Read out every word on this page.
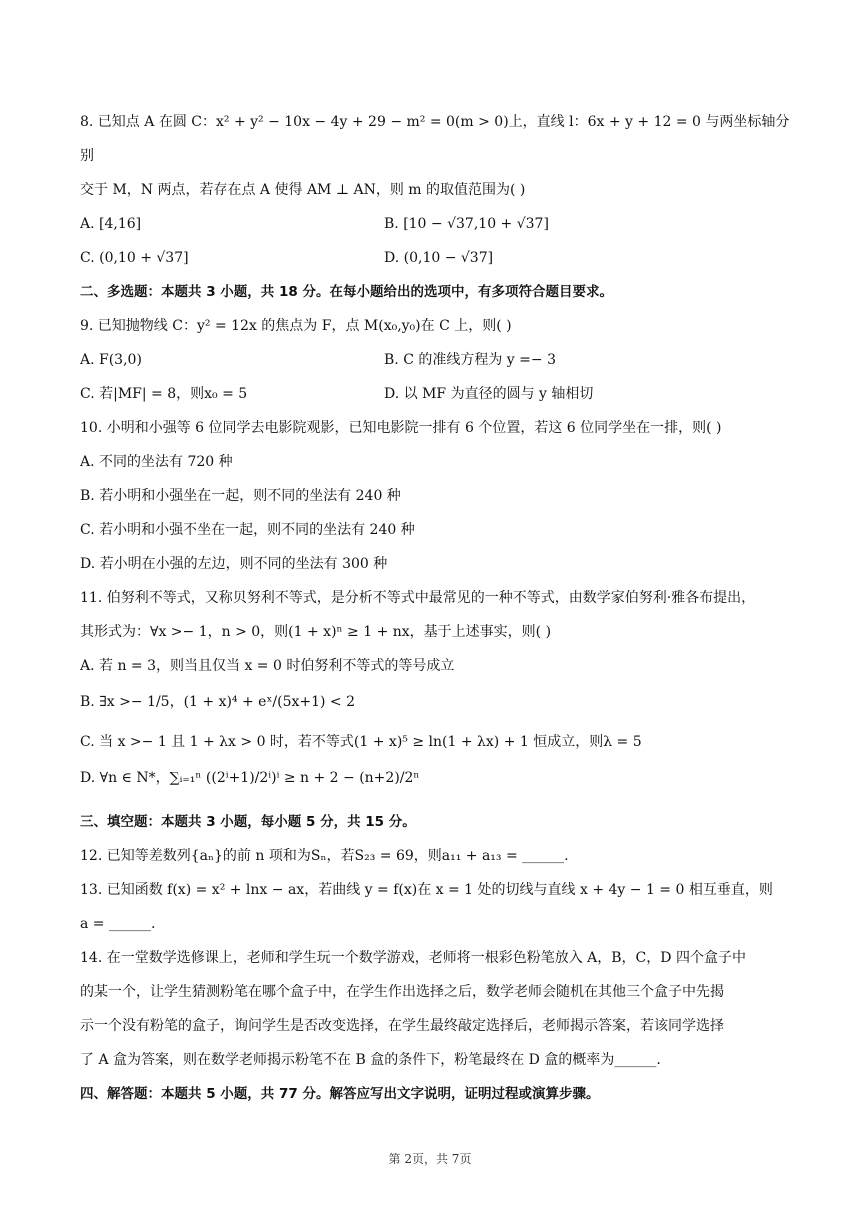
8. 已知点 A 在圆 C：x² + y² − 10x − 4y + 29 − m² = 0(m > 0)上，直线 l：6x + y + 12 = 0 与两坐标轴分
别
交于 M，N 两点，若存在点 A 使得 AM ⊥ AN，则 m 的取值范围为( )
A. [4,16]	B. [10 − √37,10 + √37]
C. (0,10 + √37]	D. (0,10 − √37]
二、多选题：本题共 3 小题，共 18 分。在每小题给出的选项中，有多项符合题目要求。
9. 已知抛物线 C：y² = 12x 的焦点为 F，点 M(x₀,y₀)在 C 上，则( )
A. F(3,0)	B. C 的准线方程为 y =− 3
C. 若|MF| = 8，则x₀ = 5	D. 以 MF 为直径的圆与 y 轴相切
10. 小明和小强等 6 位同学去电影院观影，已知电影院一排有 6 个位置，若这 6 位同学坐在一排，则( )
A. 不同的坐法有 720 种
B. 若小明和小强坐在一起，则不同的坐法有 240 种
C. 若小明和小强不坐在一起，则不同的坐法有 240 种
D. 若小明在小强的左边，则不同的坐法有 300 种
11. 伯努利不等式，又称贝努利不等式，是分析不等式中最常见的一种不等式，由数学家伯努利·雅各布提出，
其形式为：∀x >− 1，n > 0，则(1 + x)ⁿ ≥ 1 + nx，基于上述事实，则( )
A. 若 n = 3，则当且仅当 x = 0 时伯努利不等式的等号成立
B. ∃x >− 1/5，(1 + x)⁴ + eˣ/(5x+1) < 2
C. 当 x >− 1 且 1 + λx > 0 时，若不等式(1 + x)⁵ ≥ ln(1 + λx) + 1 恒成立，则λ = 5
D. ∀n ∈ N*，∑ᵢ₌₁ⁿ ((2ⁱ+1)/2ⁱ)ⁱ ≥ n + 2 − (n+2)/2ⁿ
三、填空题：本题共 3 小题，每小题 5 分，共 15 分。
12. 已知等差数列{aₙ}的前 n 项和为Sₙ，若S₂₃ = 69，则a₁₁ + a₁₃ = ______.
13. 已知函数 f(x) = x² + lnx − ax，若曲线 y = f(x)在 x = 1 处的切线与直线 x + 4y − 1 = 0 相互垂直，则
a = ______.
14. 在一堂数学选修课上，老师和学生玩一个数学游戏，老师将一根彩色粉笔放入 A，B，C，D 四个盒子中
的某一个，让学生猜测粉笔在哪个盒子中，在学生作出选择之后，数学老师会随机在其他三个盒子中先揭
示一个没有粉笔的盒子，询问学生是否改变选择，在学生最终敲定选择后，老师揭示答案，若该同学选择
了 A 盒为答案，则在数学老师揭示粉笔不在 B 盒的条件下，粉笔最终在 D 盒的概率为______.
四、解答题：本题共 5 小题，共 77 分。解答应写出文字说明，证明过程或演算步骤。
第 2页，共 7页
